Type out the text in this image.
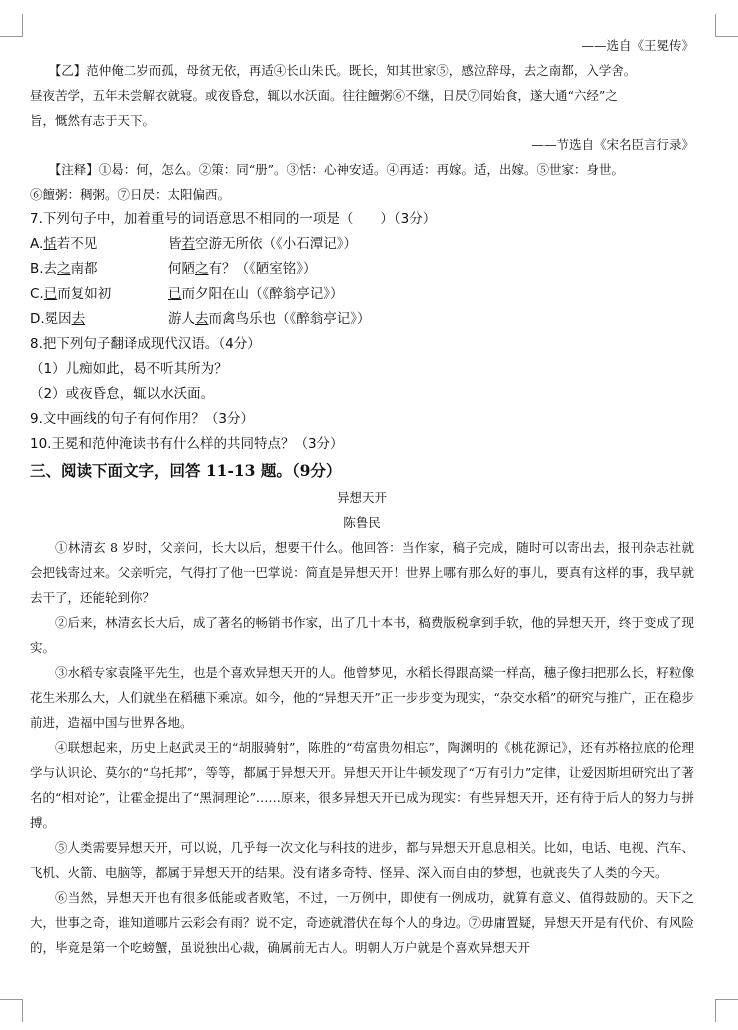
——选自《王冕传》
【乙】范仲俺二岁而孤，母贫无依，再适④长山朱氏。既长，知其世家⑤，感泣辞母，去之南都，入学舍。
昼夜苦学，五年未尝解衣就寝。或夜昏怠，辄以水沃面。往往饘粥⑥不继，日昃⑦同始食，遂大通“六经”之
旨，慨然有志于天下。
——节选自《宋名臣言行录》
【注释】①曷：何，怎么。②策：同“册”。③恬：心神安适。④再适：再嫁。适，出嫁。⑤世家：身世。
⑥饘粥：稠粥。⑦日昃：太阳偏西。
7.下列句子中，加着重号的词语意思不相同的一项是（　　）（3分）
A.恬若不见	皆若空游无所依（《小石潭记》）
B.去之南都	何陋之有？（《陋室铭》）
C.已而复如初	已而夕阳在山（《醉翁亭记》）
D.冕因去	游人去而禽鸟乐也（《醉翁亭记》）
8.把下列句子翻译成现代汉语。（4分）
（1）儿痴如此，曷不听其所为？
（2）或夜昏怠，辄以水沃面。
9.文中画线的句子有何作用？（3分）
10.王冕和范仲淹读书有什么样的共同特点？（3分）
三、阅读下面文字，回答 11-13 题。（9分）
异想天开
陈鲁民

①林清玄 8 岁时，父亲问，长大以后，想要干什么。他回答：当作家，稿子完成，随时可以寄出去，报刊杂志社就会把钱寄过来。父亲听完，气得打了他一巴掌说：简直是异想天开！世界上哪有那么好的事儿，要真有这样的事，我早就去干了，还能轮到你？

②后来，林清玄长大后，成了著名的畅销书作家，出了几十本书，稿费版税拿到手软，他的异想天开，终于变成了现实。

③水稻专家袁隆平先生，也是个喜欢异想天开的人。他曾梦见，水稻长得跟高粱一样高，穗子像扫把那么长，籽粒像花生米那么大，人们就坐在稻穗下乘凉。如今，他的“异想天开”正一步步变为现实，“杂交水稻”的研究与推广，正在稳步前进，造福中国与世界各地。

④联想起来，历史上赵武灵王的“胡服骑射”，陈胜的“苟富贵勿相忘”，陶渊明的《桃花源记》，还有苏格拉底的伦理学与认识论、莫尔的“乌托邦”，等等，都属于异想天开。异想天开让牛顿发现了“万有引力”定律，让爱因斯坦研究出了著名的“相对论”，让霍金提出了“黑洞理论”……原来，很多异想天开已成为现实：有些异想天开，还有待于后人的努力与拼搏。

⑤人类需要异想天开，可以说，几乎每一次文化与科技的进步，都与异想天开息息相关。比如，电话、电视、汽车、飞机、火箭、电脑等，都属于异想天开的结果。没有诸多奇特、怪异、深入而自由的梦想，也就丧失了人类的今天。

⑥当然，异想天开也有很多低能或者败笔，不过，一万例中，即使有一例成功，就算有意义、值得鼓励的。天下之大，世事之奇，谁知道哪片云彩会有雨？说不定，奇迹就潜伏在每个人的身边。⑦毋庸置疑，异想天开是有代价、有风险的，毕竟是第一个吃螃蟹，虽说独出心裁，确属前无古人。明朝人万户就是个喜欢异想天开
